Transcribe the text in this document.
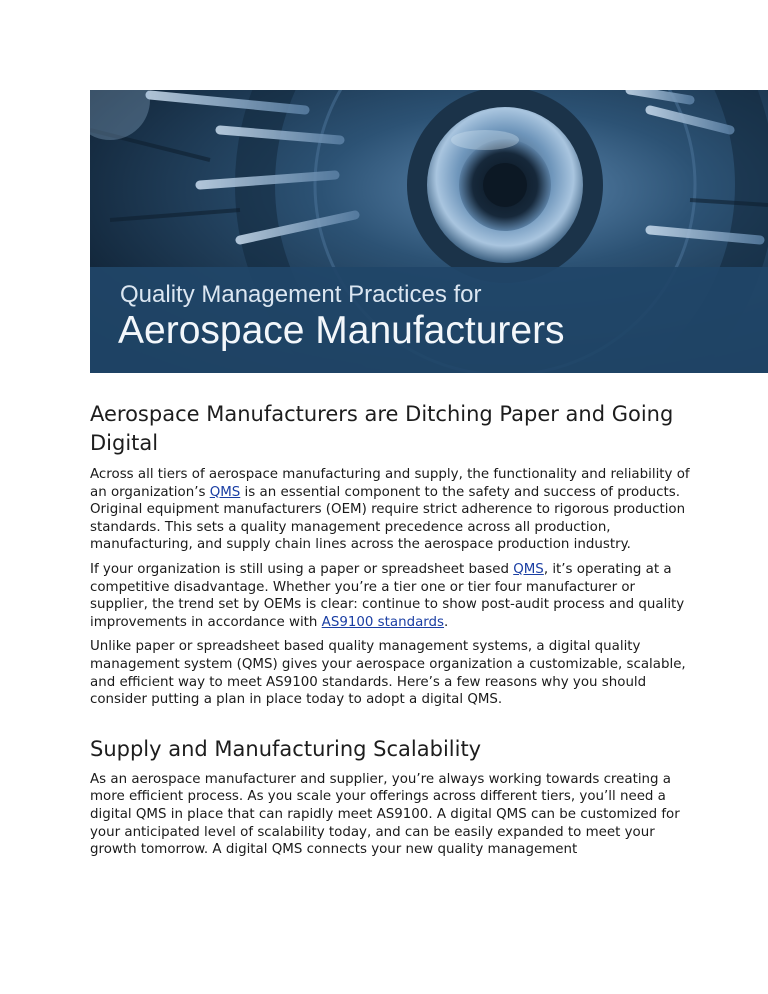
Quality Management Practices for
Aerospace Manufacturers
Aerospace Manufacturers are Ditching Paper and Going Digital

Across all tiers of aerospace manufacturing and supply, the functionality and reliability of an organization’s QMS is an essential component to the safety and success of products. Original equipment manufacturers (OEM) require strict adherence to rigorous production standards. This sets a quality management precedence across all production, manufacturing, and supply chain lines across the aerospace production industry.

If your organization is still using a paper or spreadsheet based QMS, it’s operating at a competitive disadvantage. Whether you’re a tier one or tier four manufacturer or supplier, the trend set by OEMs is clear: continue to show post-audit process and quality improvements in accordance with AS9100 standards.

Unlike paper or spreadsheet based quality management systems, a digital quality management system (QMS) gives your aerospace organization a customizable, scalable, and efficient way to meet AS9100 standards. Here’s a few reasons why you should consider putting a plan in place today to adopt a digital QMS.

Supply and Manufacturing Scalability

As an aerospace manufacturer and supplier, you’re always working towards creating a more efficient process. As you scale your offerings across different tiers, you’ll need a digital QMS in place that can rapidly meet AS9100. A digital QMS can be customized for your anticipated level of scalability today, and can be easily expanded to meet your growth tomorrow. A digital QMS connects your new quality management
